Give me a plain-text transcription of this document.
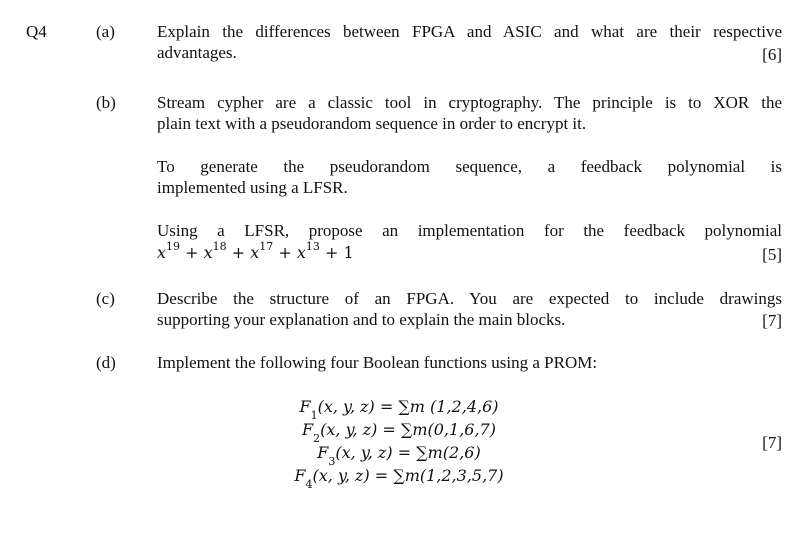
Q4	(a) Explain the differences between FPGA and ASIC and what are their respective
advantages.	[6]
(b) Stream cypher are a classic tool in cryptography. The principle is to XOR the
plain text with a pseudorandom sequence in order to encrypt it.
To generate the pseudorandom sequence, a feedback polynomial is
implemented using a LFSR.
Using a LFSR, propose an implementation for the feedback polynomial
$x^{19} + x^{18} + x^{17} + x^{13} + 1$	[5]
(c) Describe the structure of an FPGA. You are expected to include drawings
supporting your explanation and to explain the main blocks.	[7]
(d) Implement the following four Boolean functions using a PROM:
$F_1(x$, y, z) = ∑m (1,2,4,6)
$F_2(x$, y, z) = ∑m(0,1,6,7)
$F_3(x$, y, z) = ∑m(2,6)
$F_4(x$, y, z) = ∑m(1,2,3,5,7)
[7]
